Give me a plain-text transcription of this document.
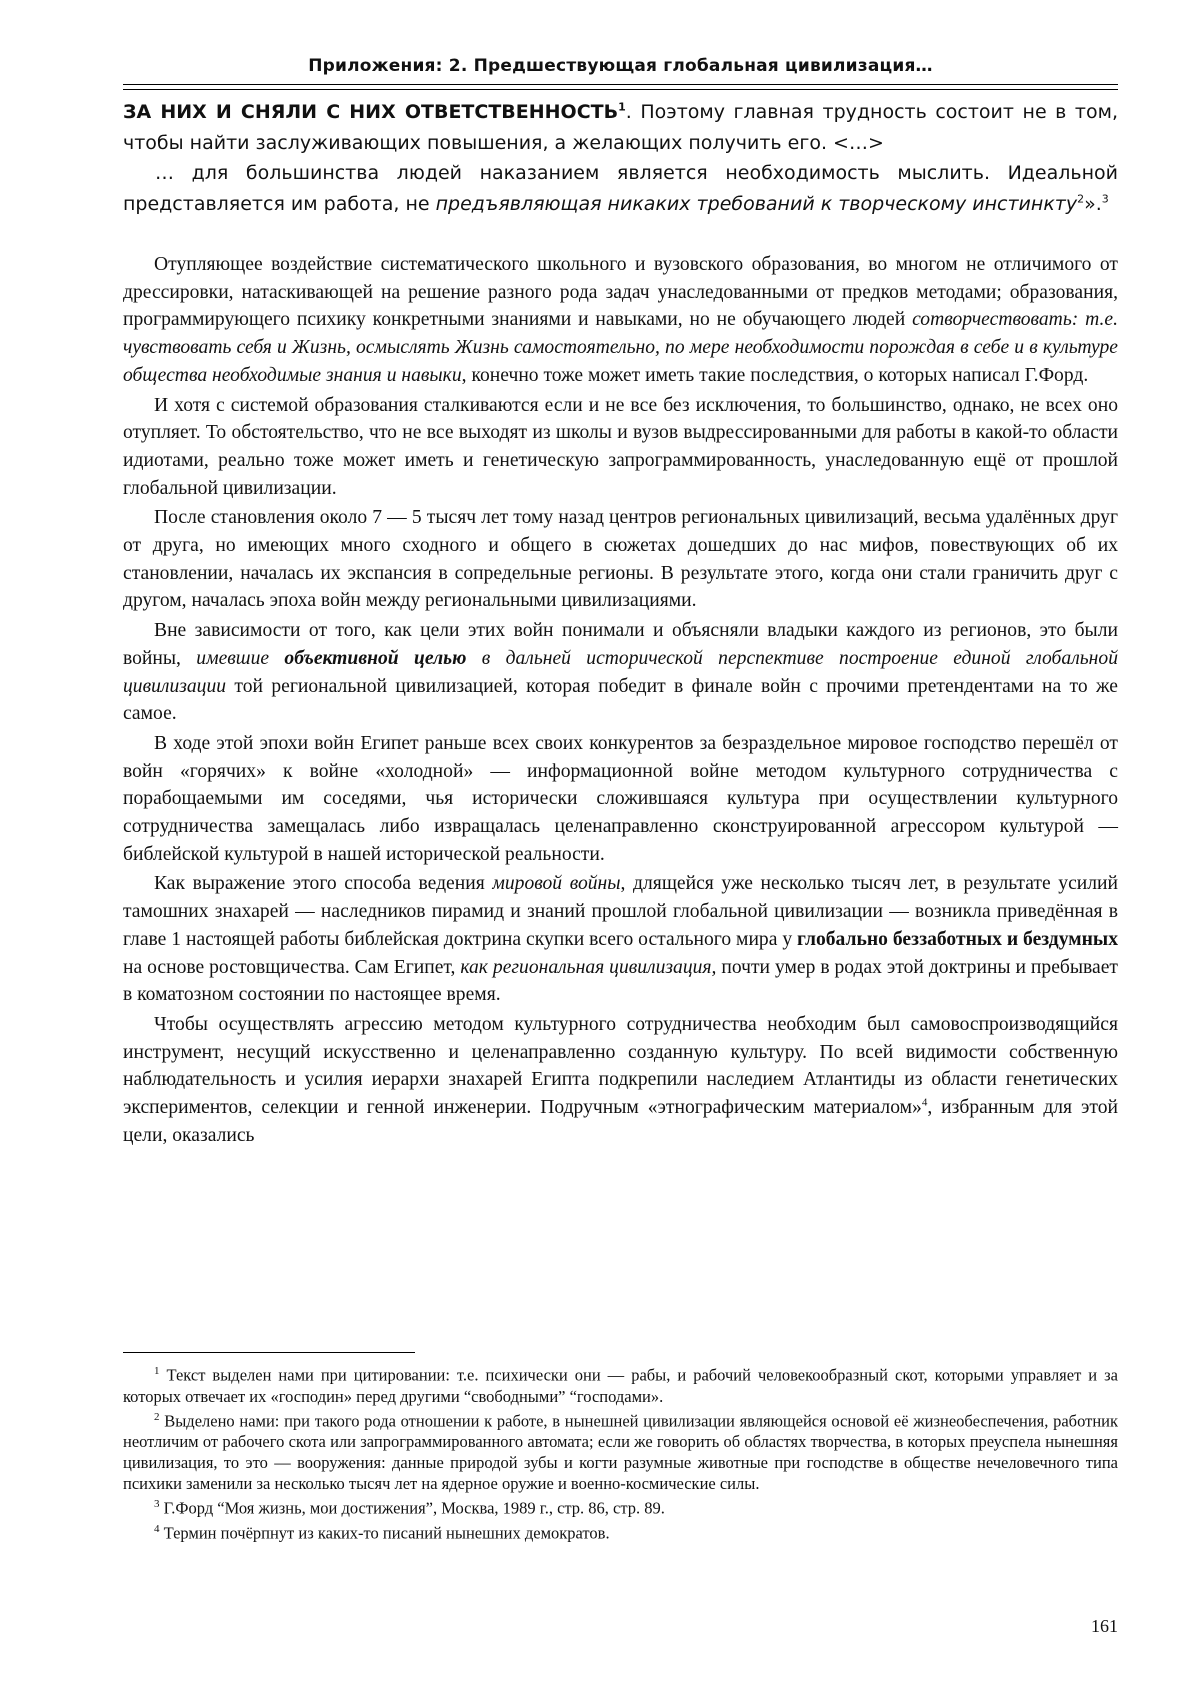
Приложения: 2. Предшествующая глобальная цивилизация…

ЗА НИХ И СНЯЛИ С НИХ ОТВЕТСТВЕННОСТЬ$^1$. Поэтому главная трудность состоит не в том, чтобы найти заслуживающих повышения, а желающих получить его. <…>

… для большинства людей наказанием является необходимость мыслить. Идеальной представляется им работа, не предъявляющая никаких требований к творческому инстинкту$^2$».$^3$

Отупляющее воздействие систематического школьного и вузовского образования, во многом не отличимого от дрессировки, натаскивающей на решение разного рода задач унаследованными от предков методами; образования, программирующего психику конкретными знаниями и навыками, но не обучающего людей сотворчествовать: т.е. чувствовать себя и Жизнь, осмыслять Жизнь самостоятельно, по мере необходимости порождая в себе и в культуре общества необходимые знания и навыки, конечно тоже может иметь такие последствия, о которых написал Г.Форд.

И хотя с системой образования сталкиваются если и не все без исключения, то большинство, однако, не всех оно отупляет. То обстоятельство, что не все выходят из школы и вузов выдрессированными для работы в какой-то области идиотами, реально тоже может иметь и генетическую запрограммированность, унаследованную ещё от прошлой глобальной цивилизации.

После становления около 7 — 5 тысяч лет тому назад центров региональных цивилизаций, весьма удалённых друг от друга, но имеющих много сходного и общего в сюжетах дошедших до нас мифов, повествующих об их становлении, началась их экспансия в сопредельные регионы. В результате этого, когда они стали граничить друг с другом, началась эпоха войн между региональными цивилизациями.

Вне зависимости от того, как цели этих войн понимали и объясняли владыки каждого из регионов, это были войны, имевшие объективной целью в дальней исторической перспективе построение единой глобальной цивилизации той региональной цивилизацией, которая победит в финале войн с прочими претендентами на то же самое.

В ходе этой эпохи войн Египет раньше всех своих конкурентов за безраздельное мировое господство перешёл от войн «горячих» к войне «холодной» — информационной войне методом культурного сотрудничества с порабощаемыми им соседями, чья исторически сложившаяся культура при осуществлении культурного сотрудничества замещалась либо извращалась целенаправленно сконструированной агрессором культурой — библейской культурой в нашей исторической реальности.

Как выражение этого способа ведения мировой войны, длящейся уже несколько тысяч лет, в результате усилий тамошних знахарей — наследников пирамид и знаний прошлой глобальной цивилизации — возникла приведённая в главе 1 настоящей работы библейская доктрина скупки всего остального мира у глобально беззаботных и бездумных на основе ростовщичества. Сам Египет, как региональная цивилизация, почти умер в родах этой доктрины и пребывает в коматозном состоянии по настоящее время.

Чтобы осуществлять агрессию методом культурного сотрудничества необходим был самовоспроизводящийся инструмент, несущий искусственно и целенаправленно созданную культуру. По всей видимости собственную наблюдательность и усилия иерархи знахарей Египта подкрепили наследием Атлантиды из области генетических экспериментов, селекции и генной инженерии. Подручным «этнографическим материалом»$^4$, избранным для этой цели, оказались

$^1$ Текст выделен нами при цитировании: т.е. психически они — рабы, и рабочий человекообразный скот, которыми управляет и за которых отвечает их «господин» перед другими “свободными” “господами».

$^2$ Выделено нами: при такого рода отношении к работе, в нынешней цивилизации являющейся основой её жизнеобеспечения, работник неотличим от рабочего скота или запрограммированного автомата; если же говорить об областях творчества, в которых преуспела нынешняя цивилизация, то это — вооружения: данные природой зубы и когти разумные животные при господстве в обществе нечеловечного типа психики заменили за несколько тысяч лет на ядерное оружие и военно-космические силы.

$^3$ Г.Форд “Моя жизнь, мои достижения”, Москва, 1989 г., стр. 86, стр. 89.

$^4$ Термин почёрпнут из каких-то писаний нынешних демократов.

161
